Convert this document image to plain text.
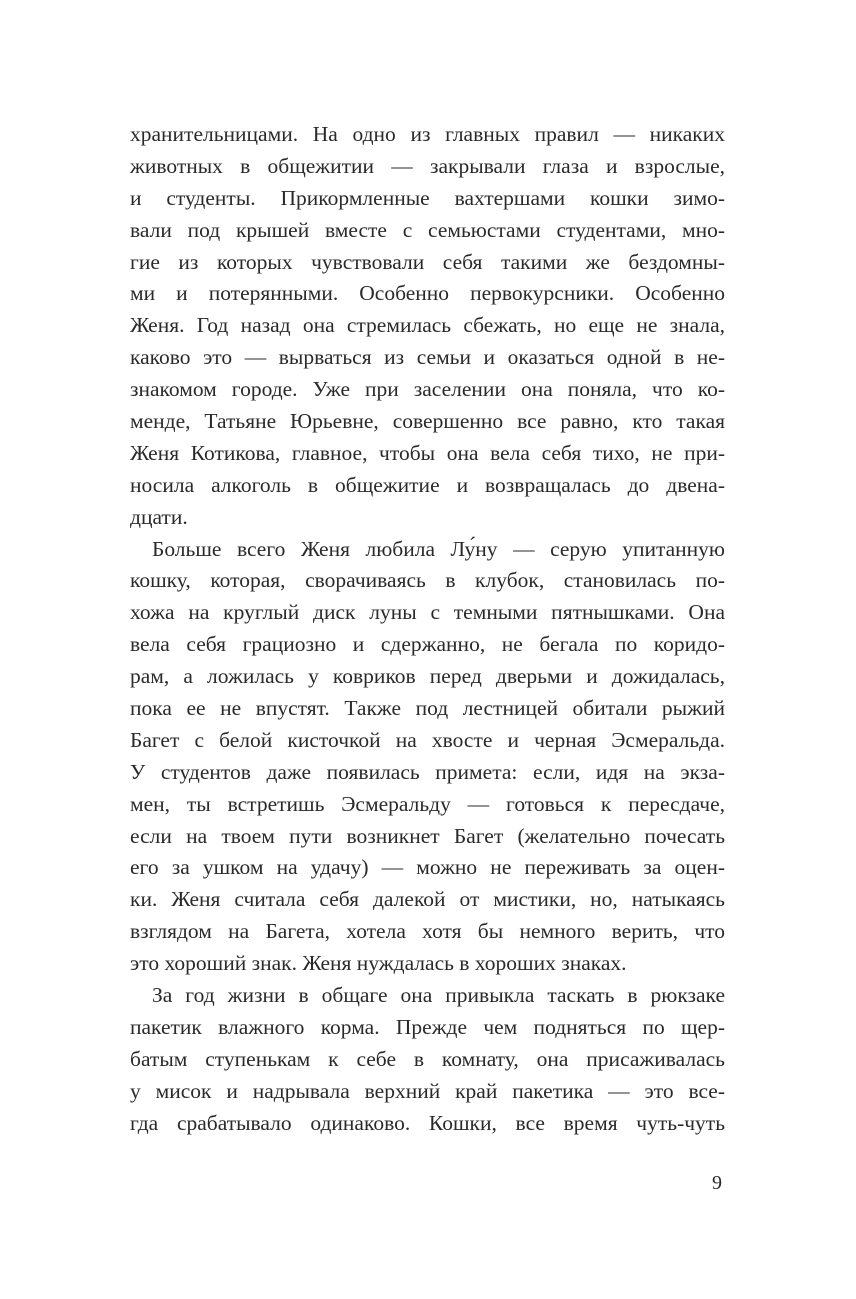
хранительницами. На одно из главных правил — никаких
животных в общежитии — закрывали глаза и взрослые,
и студенты. Прикормленные вахтершами кошки зимо-
вали под крышей вместе с семьюстами студентами, мно-
гие из которых чувствовали себя такими же бездомны-
ми и потерянными. Особенно первокурсники. Особенно
Женя. Год назад она стремилась сбежать, но еще не знала,
каково это — вырваться из семьи и оказаться одной в не-
знакомом городе. Уже при заселении она поняла, что ко-
менде, Татьяне Юрьевне, совершенно все равно, кто такая
Женя Котикова, главное, чтобы она вела себя тихо, не при-
носила алкоголь в общежитие и возвращалась до двена-
дцати.
Больше всего Женя любила Лу́ну — серую упитанную
кошку, которая, сворачиваясь в клубок, становилась по-
хожа на круглый диск луны с темными пятнышками. Она
вела себя грациозно и сдержанно, не бегала по коридо-
рам, а ложилась у ковриков перед дверьми и дожидалась,
пока ее не впустят. Также под лестницей обитали рыжий
Багет с белой кисточкой на хвосте и черная Эсмеральда.
У студентов даже появилась примета: если, идя на экза-
мен, ты встретишь Эсмеральду — готовься к пересдаче,
если на твоем пути возникнет Багет (желательно почесать
его за ушком на удачу) — можно не переживать за оцен-
ки. Женя считала себя далекой от мистики, но, натыкаясь
взглядом на Багета, хотела хотя бы немного верить, что
это хороший знак. Женя нуждалась в хороших знаках.
За год жизни в общаге она привыкла таскать в рюкзаке
пакетик влажного корма. Прежде чем подняться по щер-
батым ступенькам к себе в комнату, она присаживалась
у мисок и надрывала верхний край пакетика — это все-
гда срабатывало одинаково. Кошки, все время чуть-чуть
9
